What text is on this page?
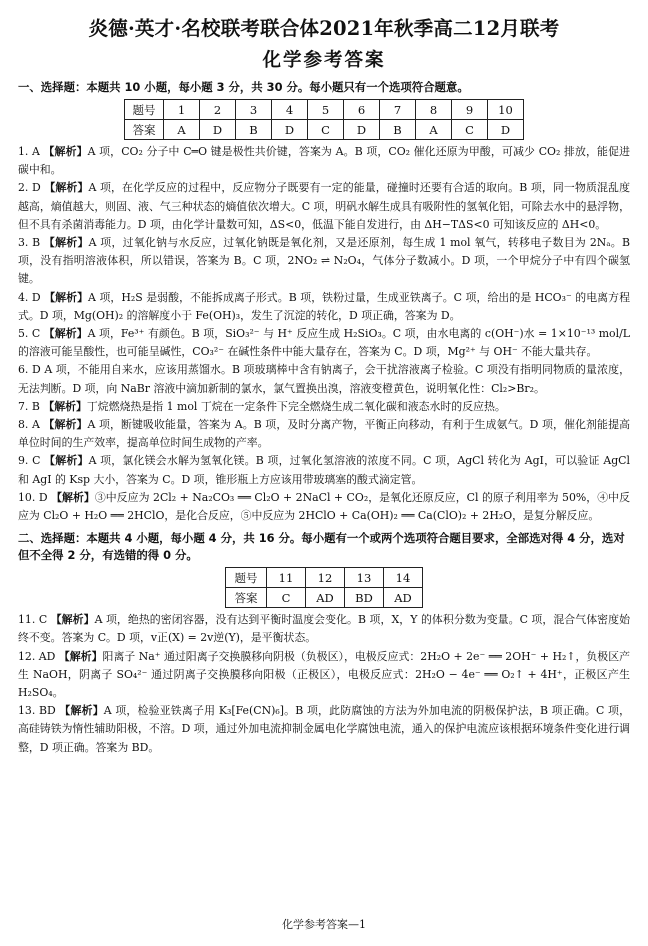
炎德·英才·名校联考联合体2021年秋季高二12月联考
化学参考答案
一、选择题：本题共 10 小题，每小题 3 分，共 30 分。每小题只有一个选项符合题意。
题号	1	2	3	4	5	6	7	8	9	10
答案	A	D	B	D	C	D	B	A	C	D

1. A 【解析】A 项，CO₂ 分子中 C═O 键是极性共价键，答案为 A。B 项，CO₂ 催化还原为甲酸，可减少 CO₂ 排放，能促进碳中和。

2. D 【解析】A 项，在化学反应的过程中，反应物分子既要有一定的能量，碰撞时还要有合适的取向。B 项，同一物质混乱度越高，熵值越大，则固、液、气三种状态的熵值依次增大。C 项，明矾水解生成具有吸附性的氢氧化铝，可除去水中的悬浮物，但不具有杀菌消毒能力。D 项，由化学计量数可知，ΔS<0，低温下能自发进行，由 ΔH−TΔS<0 可知该反应的 ΔH<0。

3. B 【解析】A 项，过氧化钠与水反应，过氧化钠既是氧化剂，又是还原剂，每生成 1 mol 氧气，转移电子数目为 2Nₐ。B 项，没有指明溶液体积，所以错误，答案为 B。C 项，2NO₂ ⇌ N₂O₄，气体分子数减小。D 项，一个甲烷分子中有四个碳氢键。

4. D 【解析】A 项，H₂S 是弱酸，不能拆成离子形式。B 项，铁粉过量，生成亚铁离子。C 项，给出的是 HCO₃⁻ 的电离方程式。D 项，Mg(OH)₂ 的溶解度小于 Fe(OH)₃，发生了沉淀的转化，D 项正确，答案为 D。

5. C 【解析】A 项，Fe³⁺ 有颜色。B 项，SiO₃²⁻ 与 H⁺ 反应生成 H₂SiO₃。C 项，由水电离的 c(OH⁻)水 = 1×10⁻¹³ mol/L 的溶液可能呈酸性，也可能呈碱性，CO₃²⁻ 在碱性条件中能大量存在，答案为 C。D 项，Mg²⁺ 与 OH⁻ 不能大量共存。

6. D A 项，不能用自来水，应该用蒸馏水。B 项玻璃棒中含有钠离子，会干扰溶液离子检验。C 项没有指明同物质的量浓度，无法判断。D 项，向 NaBr 溶液中滴加新制的氯水，氯气置换出溴，溶液变橙黄色，说明氧化性：Cl₂>Br₂。

7. B 【解析】丁烷燃烧热是指 1 mol 丁烷在一定条件下完全燃烧生成二氧化碳和液态水时的反应热。

8. A 【解析】A 项，断键吸收能量，答案为 A。B 项，及时分离产物，平衡正向移动，有利于生成氨气。D 项，催化剂能提高单位时间的生产效率，提高单位时间生成物的产率。

9. C 【解析】A 项，氯化镁会水解为氢氧化镁。B 项，过氧化氢溶液的浓度不同。C 项，AgCl 转化为 AgI，可以验证 AgCl 和 AgI 的 Ksp 大小，答案为 C。D 项，锥形瓶上方应该用带玻璃塞的酸式滴定管。

10. D 【解析】③中反应为 2Cl₂ + Na₂CO₃ ══ Cl₂O + 2NaCl + CO₂，是氧化还原反应，Cl 的原子利用率为 50%，④中反应为 Cl₂O + H₂O ══ 2HClO，是化合反应，⑤中反应为 2HClO + Ca(OH)₂ ══ Ca(ClO)₂ + 2H₂O，是复分解反应。

二、选择题：本题共 4 小题，每小题 4 分，共 16 分。每小题有一个或两个选项符合题目要求，全部选对得 4 分，选对但不全得 2 分，有选错的得 0 分。
题号	11	12	13	14
答案	C	AD	BD	AD

11. C 【解析】A 项，绝热的密闭容器，没有达到平衡时温度会变化。B 项，X，Y 的体积分数为变量。C 项，混合气体密度始终不变。答案为 C。D 项，v正(X) = 2v逆(Y)，是平衡状态。

12. AD 【解析】阳离子 Na⁺ 通过阳离子交换膜移向阴极（负极区），电极反应式：2H₂O + 2e⁻ ══ 2OH⁻ + H₂↑，负极区产生 NaOH，阴离子 SO₄²⁻ 通过阴离子交换膜移向阳极（正极区），电极反应式：2H₂O − 4e⁻ ══ O₂↑ + 4H⁺，正极区产生 H₂SO₄。

13. BD 【解析】A 项，检验亚铁离子用 K₃[Fe(CN)₆]。B 项，此防腐蚀的方法为外加电流的阴极保护法，B 项正确。C 项，高硅铸铁为惰性辅助阳极，不溶。D 项，通过外加电流抑制金属电化学腐蚀电流，通入的保护电流应该根据环境条件变化进行调整，D 项正确。答案为 BD。

化学参考答案—1
